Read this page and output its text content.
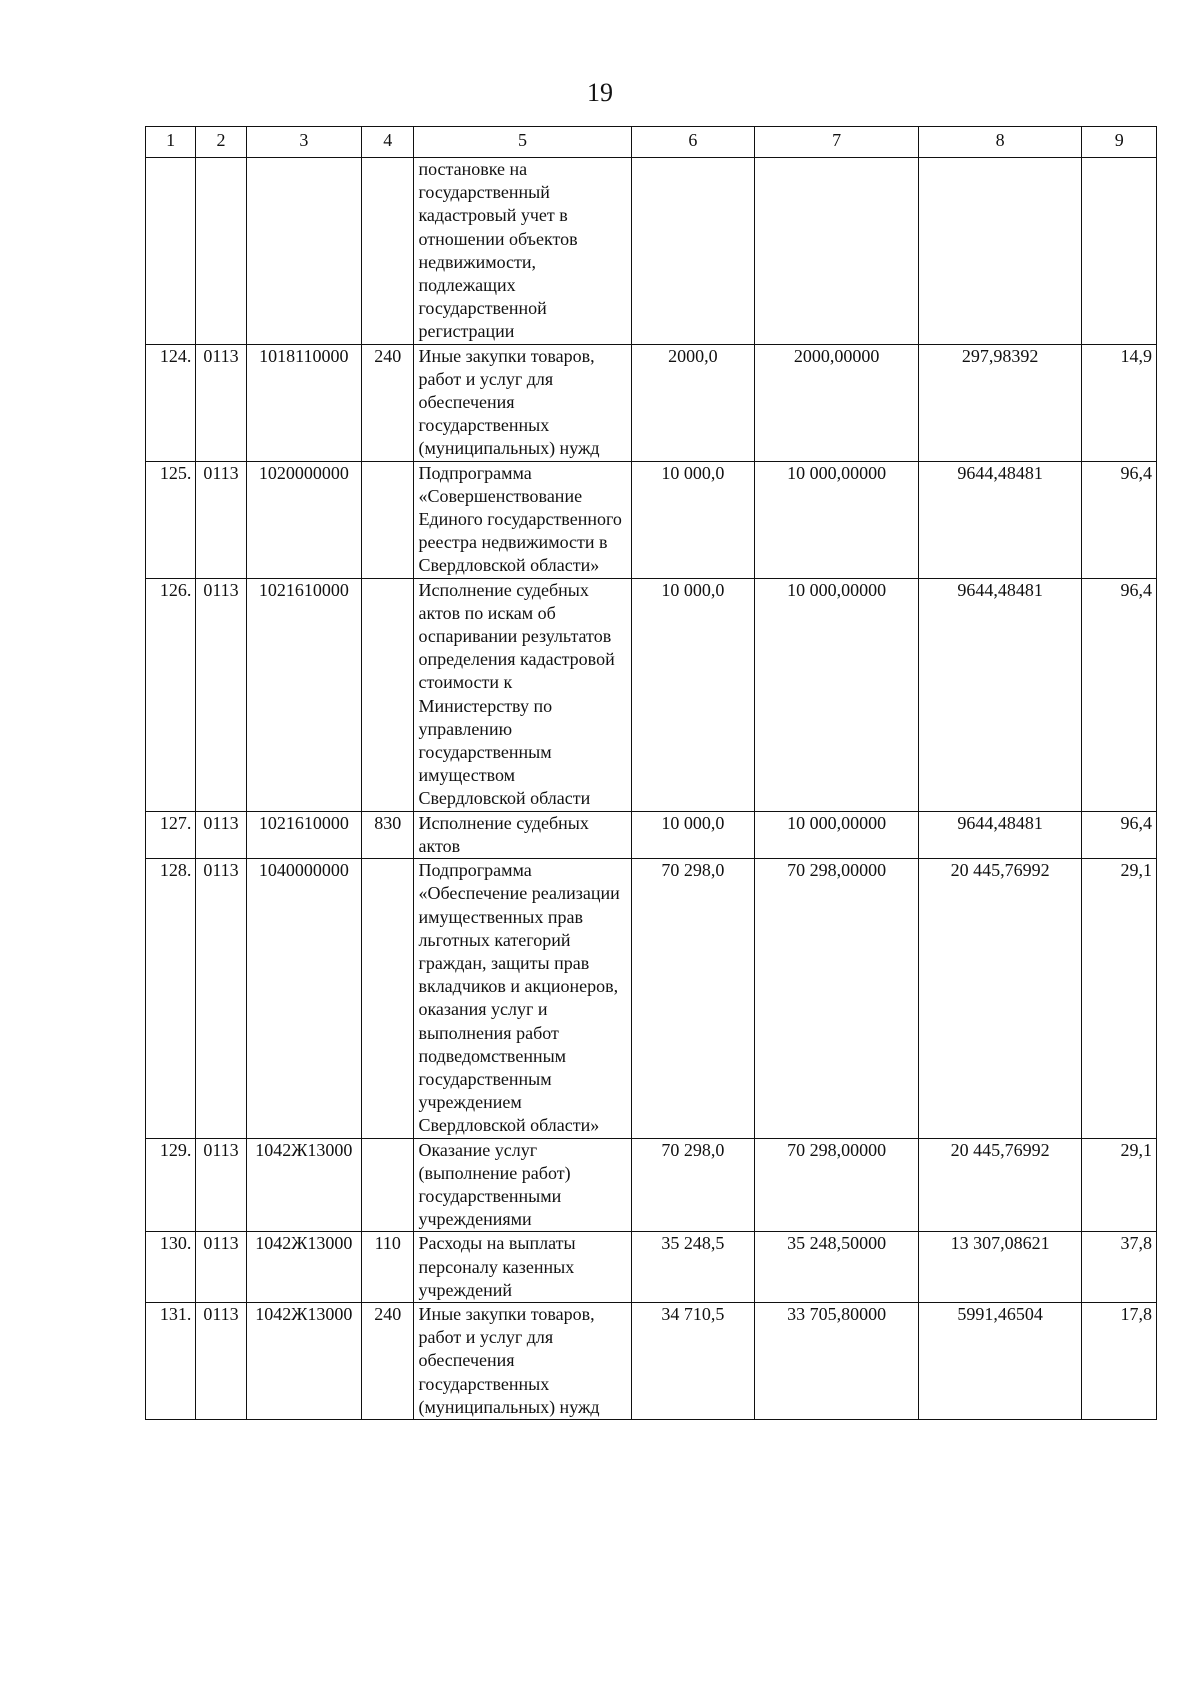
19
1	2	3	4	5	6	7	8	9
				постановке на государственный кадастровый учет в отношении объектов недвижимости, подлежащих государственной регистрации				
124.	0113	1018110000	240	Иные закупки товаров, работ и услуг для обеспечения государственных (муниципальных) нужд	2000,0	2000,00000	297,98392	14,9
125.	0113	1020000000		Подпрограмма «Совершенствование Единого государственного реестра недвижимости в Свердловской области»	10 000,0	10 000,00000	9644,48481	96,4
126.	0113	1021610000		Исполнение судебных актов по искам об оспаривании результатов определения кадастровой стоимости к Министерству по управлению государственным имуществом Свердловской области	10 000,0	10 000,00000	9644,48481	96,4
127.	0113	1021610000	830	Исполнение судебных актов	10 000,0	10 000,00000	9644,48481	96,4
128.	0113	1040000000		Подпрограмма «Обеспечение реализации имущественных прав льготных категорий граждан, защиты прав вкладчиков и акционеров, оказания услуг и выполнения работ подведомственным государственным учреждением Свердловской области»	70 298,0	70 298,00000	20 445,76992	29,1
129.	0113	1042Ж13000		Оказание услуг (выполнение работ) государственными учреждениями	70 298,0	70 298,00000	20 445,76992	29,1
130.	0113	1042Ж13000	110	Расходы на выплаты персоналу казенных учреждений	35 248,5	35 248,50000	13 307,08621	37,8
131.	0113	1042Ж13000	240	Иные закупки товаров, работ и услуг для обеспечения государственных (муниципальных) нужд	34 710,5	33 705,80000	5991,46504	17,8
